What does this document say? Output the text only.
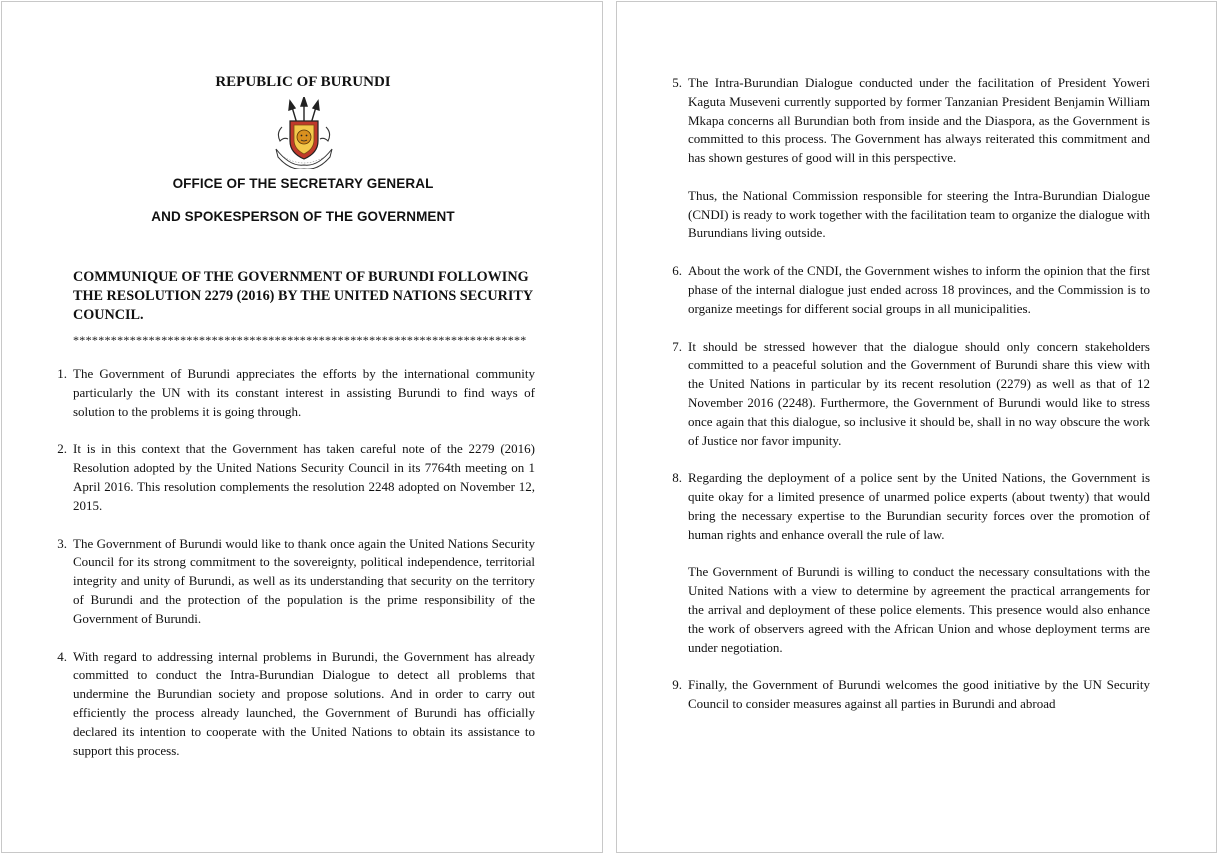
REPUBLIC OF BURUNDI
OFFICE OF THE SECRETARY GENERAL
AND SPOKESPERSON OF THE GOVERNMENT
COMMUNIQUE OF THE GOVERNMENT OF BURUNDI FOLLOWING THE RESOLUTION 2279 (2016) BY THE UNITED NATIONS SECURITY COUNCIL.
************************************************************************
1 . The Government of Burundi appreciates the efforts by the international community particularly the UN with its constant interest in assisting Burundi to find ways of solution to the problems it is going through.

2 . It is in this context that the Government has taken careful note of the 2279 (2016) Resolution adopted by the United Nations Security Council in its 7764th meeting on 1 April 2016. This resolution complements the resolution 2248 adopted on November 12, 2015.

3 . The Government of Burundi would like to thank once again the United Nations Security Council for its strong commitment to the sovereignty, political independence, territorial integrity and unity of Burundi, as well as its understanding that security on the territory of Burundi and the protection of the population is the prime responsibility of the Government of Burundi.

4 . With regard to addressing internal problems in Burundi, the Government has already committed to conduct the Intra-Burundian Dialogue to detect all problems that undermine the Burundian society and propose solutions. And in order to carry out efficiently the process already launched, the Government of Burundi has officially declared its intention to cooperate with the United Nations to obtain its assistance to support this process.

5 . The Intra-Burundian Dialogue conducted under the facilitation of President Yoweri Kaguta Museveni currently supported by former Tanzanian President Benjamin William Mkapa concerns all Burundian both from inside and the Diaspora, as the Government is committed to this process. The Government has always reiterated this commitment and has shown gestures of good will in this perspective.

Thus, the National Commission responsible for steering the Intra-Burundian Dialogue (CNDI) is ready to work together with the facilitation team to organize the dialogue with Burundians living outside.

6 . About the work of the CNDI, the Government wishes to inform the opinion that the first phase of the internal dialogue just ended across 18 provinces, and the Commission is to organize meetings for different social groups in all municipalities.

7 . It should be stressed however that the dialogue should only concern stakeholders committed to a peaceful solution and the Government of Burundi share this view with the United Nations in particular by its recent resolution (2279) as well as that of 12 November 2016 (2248). Furthermore, the Government of Burundi would like to stress once again that this dialogue, so inclusive it should be, shall in no way obscure the work of Justice nor favor impunity.

8 . Regarding the deployment of a police sent by the United Nations, the Government is quite okay for a limited presence of unarmed police experts (about twenty) that would bring the necessary expertise to the Burundian security forces over the promotion of human rights and enhance overall the rule of law.

The Government of Burundi is willing to conduct the necessary consultations with the United Nations with a view to determine by agreement the practical arrangements for the arrival and deployment of these police elements. This presence would also enhance the work of observers agreed with the African Union and whose deployment terms are under negotiation.

9 . Finally, the Government of Burundi welcomes the good initiative by the UN Security Council to consider measures against all parties in Burundi and abroad
